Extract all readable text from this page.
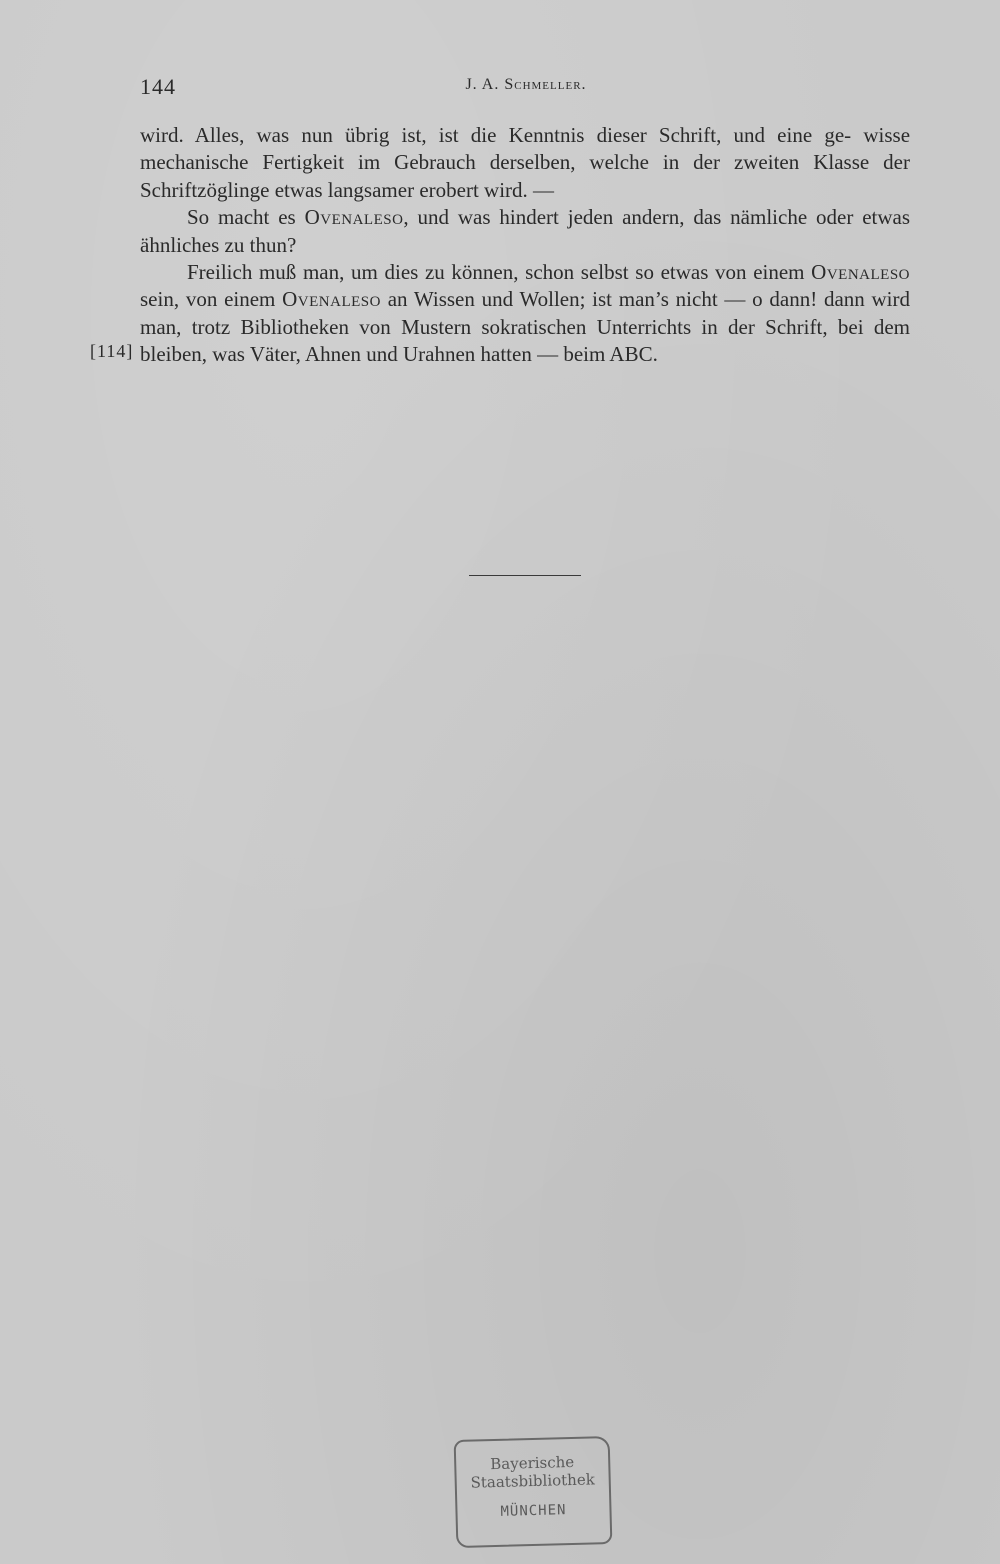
144	J. A. Schmeller.

wird. Alles, was nun übrig ist, ist die Kenntnis dieser Schrift, und eine ge- wisse mechanische Fertigkeit im Gebrauch derselben, welche in der zweiten Klasse der Schriftzöglinge etwas langsamer erobert wird. —

So macht es Ovenaleso, und was hindert jeden andern, das nämliche oder etwas ähnliches zu thun?

Freilich muß man, um dies zu können, schon selbst so etwas von einem Ovenaleso sein, von einem Ovenaleso an Wissen und Wollen; ist man’s nicht — o dann! dann wird man, trotz Bibliotheken von Mustern sokratischen Unterrichts in der Schrift, bei dem bleiben, was Väter, Ahnen und Urahnen hatten — beim ABC.

[114]
Bayerische
Staatsbibliothek
MÜNCHEN
